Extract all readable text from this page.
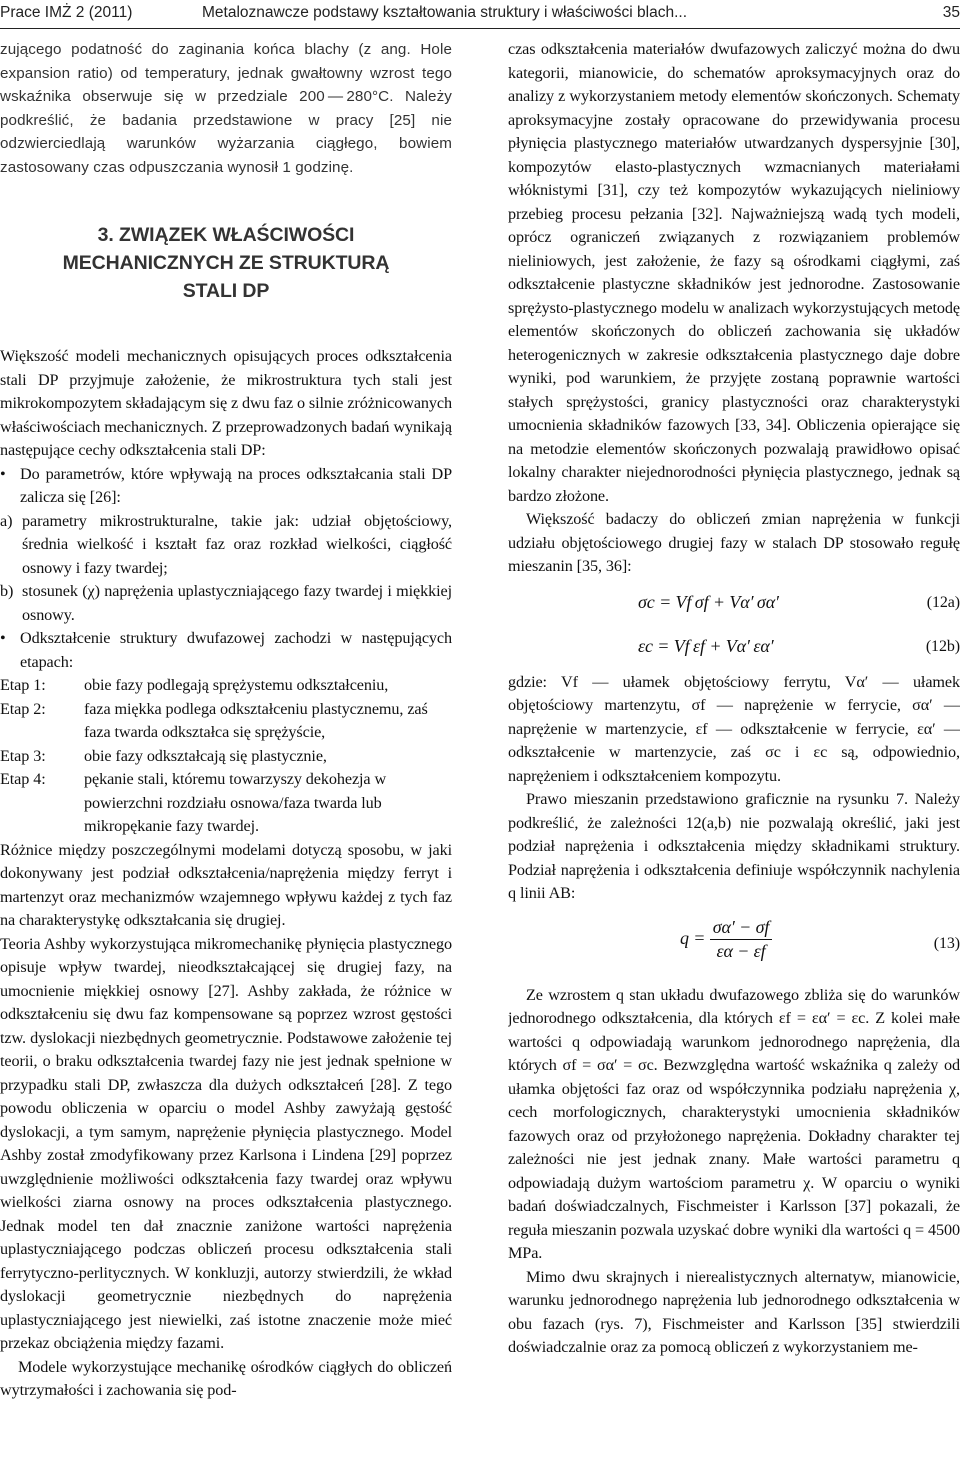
Prace IMŻ 2 (2011)	Metaloznawcze podstawy kształtowania struktury i właściwości blach...	35

zującego podatność do zaginania końca blachy (z ang. Hole expansion ratio) od temperatury, jednak gwałtowny wzrost tego wskaźnika obserwuje się w przedziale 200 — 280°C. Należy podkreślić, że badania przedstawione w pracy [25] nie odzwierciedlają warunków wyżarzania ciągłego, bowiem zastosowany czas odpuszczania wynosił 1 godzinę.

3. ZWIĄZEK WŁAŚCIWOŚCI
MECHANICZNYCH ZE STRUKTURĄ
STALI DP

Większość modeli mechanicznych opisujących proces odkształcenia stali DP przyjmuje założenie, że mikrostruktura tych stali jest mikrokompozytem składającym się z dwu faz o silnie zróżnicowanych właściwościach mechanicznych. Z przeprowadzonych badań wynikają następujące cechy odkształcenia stali DP:

• Do parametrów, które wpływają na proces odkształcania stali DP zalicza się [26]:
a) parametry mikrostrukturalne, takie jak: udział objętościowy, średnia wielkość i kształt faz oraz rozkład wielkości, ciągłość osnowy i fazy twardej;
b) stosunek (χ) naprężenia uplastyczniającego fazy twardej i miękkiej osnowy.
• Odkształcenie struktury dwufazowej zachodzi w następujących etapach:
Etap 1: obie fazy podlegają sprężystemu odkształceniu,
Etap 2: faza miękka podlega odkształceniu plastycznemu, zaś faza twarda odkształca się sprężyście,
Etap 3: obie fazy odkształcają się plastycznie,
Etap 4: pękanie stali, któremu towarzyszy dekohezja w powierzchni rozdziału osnowa/faza twarda lub mikropękanie fazy twardej.

Różnice między poszczególnymi modelami dotyczą sposobu, w jaki dokonywany jest podział odkształcenia/naprężenia między ferryt i martenzyt oraz mechanizmów wzajemnego wpływu każdej z tych faz na charakterystykę odkształcania się drugiej.

Teoria Ashby wykorzystująca mikromechanikę płynięcia plastycznego opisuje wpływ twardej, nieodkształcającej się drugiej fazy, na umocnienie miękkiej osnowy [27]. Ashby zakłada, że różnice w odkształceniu się dwu faz kompensowane są poprzez wzrost gęstości tzw. dyslokacji niezbędnych geometrycznie. Podstawowe założenie tej teorii, o braku odkształcenia twardej fazy nie jest jednak spełnione w przypadku stali DP, zwłaszcza dla dużych odkształceń [28]. Z tego powodu obliczenia w oparciu o model Ashby zawyżają gęstość dyslokacji, a tym samym, naprężenie płynięcia plastycznego. Model Ashby został zmodyfikowany przez Karlsona i Lindena [29] poprzez uwzględnienie możliwości odkształcenia fazy twardej oraz wpływu wielkości ziarna osnowy na proces odkształcenia plastycznego. Jednak model ten dał znacznie zaniżone wartości naprężenia uplastyczniającego podczas obliczeń procesu odkształcenia stali ferrytyczno-perlitycznych. W konkluzji, autorzy stwierdzili, że wkład dyslokacji geometrycznie niezbędnych do naprężenia uplastyczniającego jest niewielki, zaś istotne znaczenie może mieć przekaz obciążenia między fazami.

Modele wykorzystujące mechanikę ośrodków ciągłych do obliczeń wytrzymałości i zachowania się pod-

czas odkształcenia materiałów dwufazowych zaliczyć można do dwu kategorii, mianowicie, do schematów aproksymacyjnych oraz do analizy z wykorzystaniem metody elementów skończonych. Schematy aproksymacyjne zostały opracowane do przewidywania procesu płynięcia plastycznego materiałów utwardzanych dyspersyjnie [30], kompozytów elasto-plastycznych wzmacnianych materiałami włóknistymi [31], czy też kompozytów wykazujących nieliniowy przebieg procesu pełzania [32]. Najważniejszą wadą tych modeli, oprócz ograniczeń związanych z rozwiązaniem problemów nieliniowych, jest założenie, że fazy są ośrodkami ciągłymi, zaś odkształcenie plastyczne składników jest jednorodne. Zastosowanie sprężysto-plastycznego modelu w analizach wykorzystujących metodę elementów skończonych do obliczeń zachowania się układów heterogenicznych w zakresie odkształcenia plastycznego daje dobre wyniki, pod warunkiem, że przyjęte zostaną poprawnie wartości stałych sprężystości, granicy plastyczności oraz charakterystyki umocnienia składników fazowych [33, 34]. Obliczenia opierające się na metodzie elementów skończonych pozwalają prawidłowo opisać lokalny charakter niejednorodności płynięcia plastycznego, jednak są bardzo złożone.

Większość badaczy do obliczeń zmian naprężenia w funkcji udziału objętościowego drugiej fazy w stalach DP stosowało regułę mieszanin [35, 36]:

σc = Vf σf + Vα′ σα′	(12a)
εc = Vf εf + Vα′ εα′	(12b)

gdzie: Vf — ułamek objętościowy ferrytu, Vα′ — ułamek objętościowy martenzytu, σf — naprężenie w ferrycie, σα′ — naprężenie w martenzycie, εf — odkształcenie w ferrycie, εα′ — odkształcenie w martenzycie, zaś σc i εc są, odpowiednio, naprężeniem i odkształceniem kompozytu.

Prawo mieszanin przedstawiono graficznie na rysunku 7. Należy podkreślić, że zależności 12(a,b) nie pozwalają określić, jaki jest podział naprężenia i odkształcenia między składnikami struktury. Podział naprężenia i odkształcenia definiuje współczynnik nachylenia q linii AB:

$q = \frac{\sigma\alpha' - \sigma f}{\varepsilon\alpha - \varepsilon f}$	(13)

Ze wzrostem q stan układu dwufazowego zbliża się do warunków jednorodnego odkształcenia, dla których εf = εα′ = εc. Z kolei małe wartości q odpowiadają warunkom jednorodnego naprężenia, dla których σf = σα′ = σc. Bezwzględna wartość wskaźnika q zależy od ułamka objętości faz oraz od współczynnika podziału naprężenia χ, cech morfologicznych, charakterystyki umocnienia składników fazowych oraz od przyłożonego naprężenia. Dokładny charakter tej zależności nie jest jednak znany. Małe wartości parametru q odpowiadają dużym wartościom parametru χ. W oparciu o wyniki badań doświadczalnych, Fischmeister i Karlsson [37] pokazali, że reguła mieszanin pozwala uzyskać dobre wyniki dla wartości q = 4500 MPa.

Mimo dwu skrajnych i nierealistycznych alternatyw, mianowicie, warunku jednorodnego naprężenia lub jednorodnego odkształcenia w obu fazach (rys. 7), Fischmeister and Karlsson [35] stwierdzili doświadczalnie oraz za pomocą obliczeń z wykorzystaniem me-
